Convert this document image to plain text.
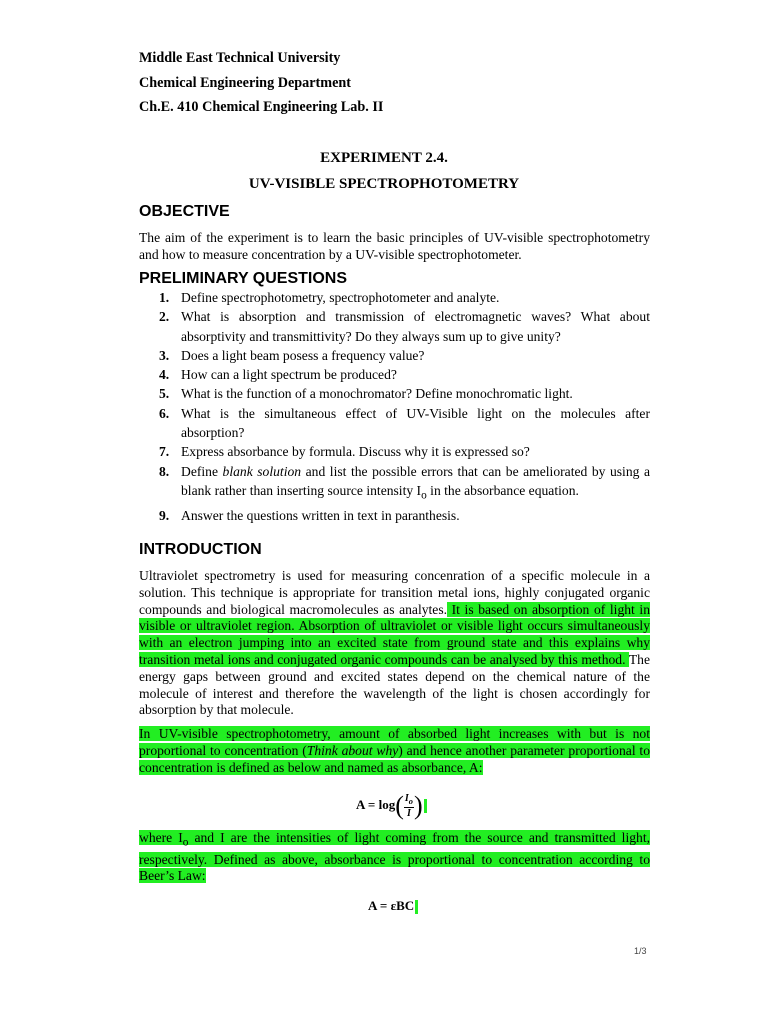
Middle East Technical University
Chemical Engineering Department
Ch.E. 410 Chemical Engineering Lab. II
EXPERIMENT 2.4.
UV-VISIBLE SPECTROPHOTOMETRY
OBJECTIVE

The aim of the experiment is to learn the basic principles of UV-visible spectrophotometry and how to measure concentration by a UV-visible spectrophotometer.

PRELIMINARY QUESTIONS
1. Define spectrophotometry, spectrophotometer and analyte.
2. What is absorption and transmission of electromagnetic waves? What about absorptivity and transmittivity? Do they always sum up to give unity?
3. Does a light beam posess a frequency value?
4. How can a light spectrum be produced?
5. What is the function of a monochromator? Define monochromatic light.
6. What is the simultaneous effect of UV-Visible light on the molecules after absorption?
7. Express absorbance by formula. Discuss why it is expressed so?
8. Define blank solution and list the possible errors that can be ameliorated by using a blank rather than inserting source intensity $I_o$ in the absorbance equation.
9. Answer the questions written in text in paranthesis.
INTRODUCTION

Ultraviolet spectrometry is used for measuring concenration of a specific molecule in a solution. This technique is appropriate for transition metal ions, highly conjugated organic compounds and biological macromolecules as analytes. It is based on absorption of light in visible or ultraviolet region. Absorption of ultraviolet or visible light occurs simultaneously with an electron jumping into an excited state from ground state and this explains why transition metal ions and conjugated organic compounds can be analysed by this method. The energy gaps between ground and excited states depend on the chemical nature of the molecule of interest and therefore the wavelength of the light is chosen accordingly for absorption by that molecule.

In UV-visible spectrophotometry, amount of absorbed light increases with but is not proportional to concentration (Think about why) and hence another parameter proportional to concentration is defined as below and named as absorbance, A:

$A = \log( \frac{I_o}{I}$ )

where $I_o$ and I are the intensities of light coming from the source and transmitted light, respectively. Defined as above, absorbance is proportional to concentration according to Beer’s Law:

A = εBC
1/3
